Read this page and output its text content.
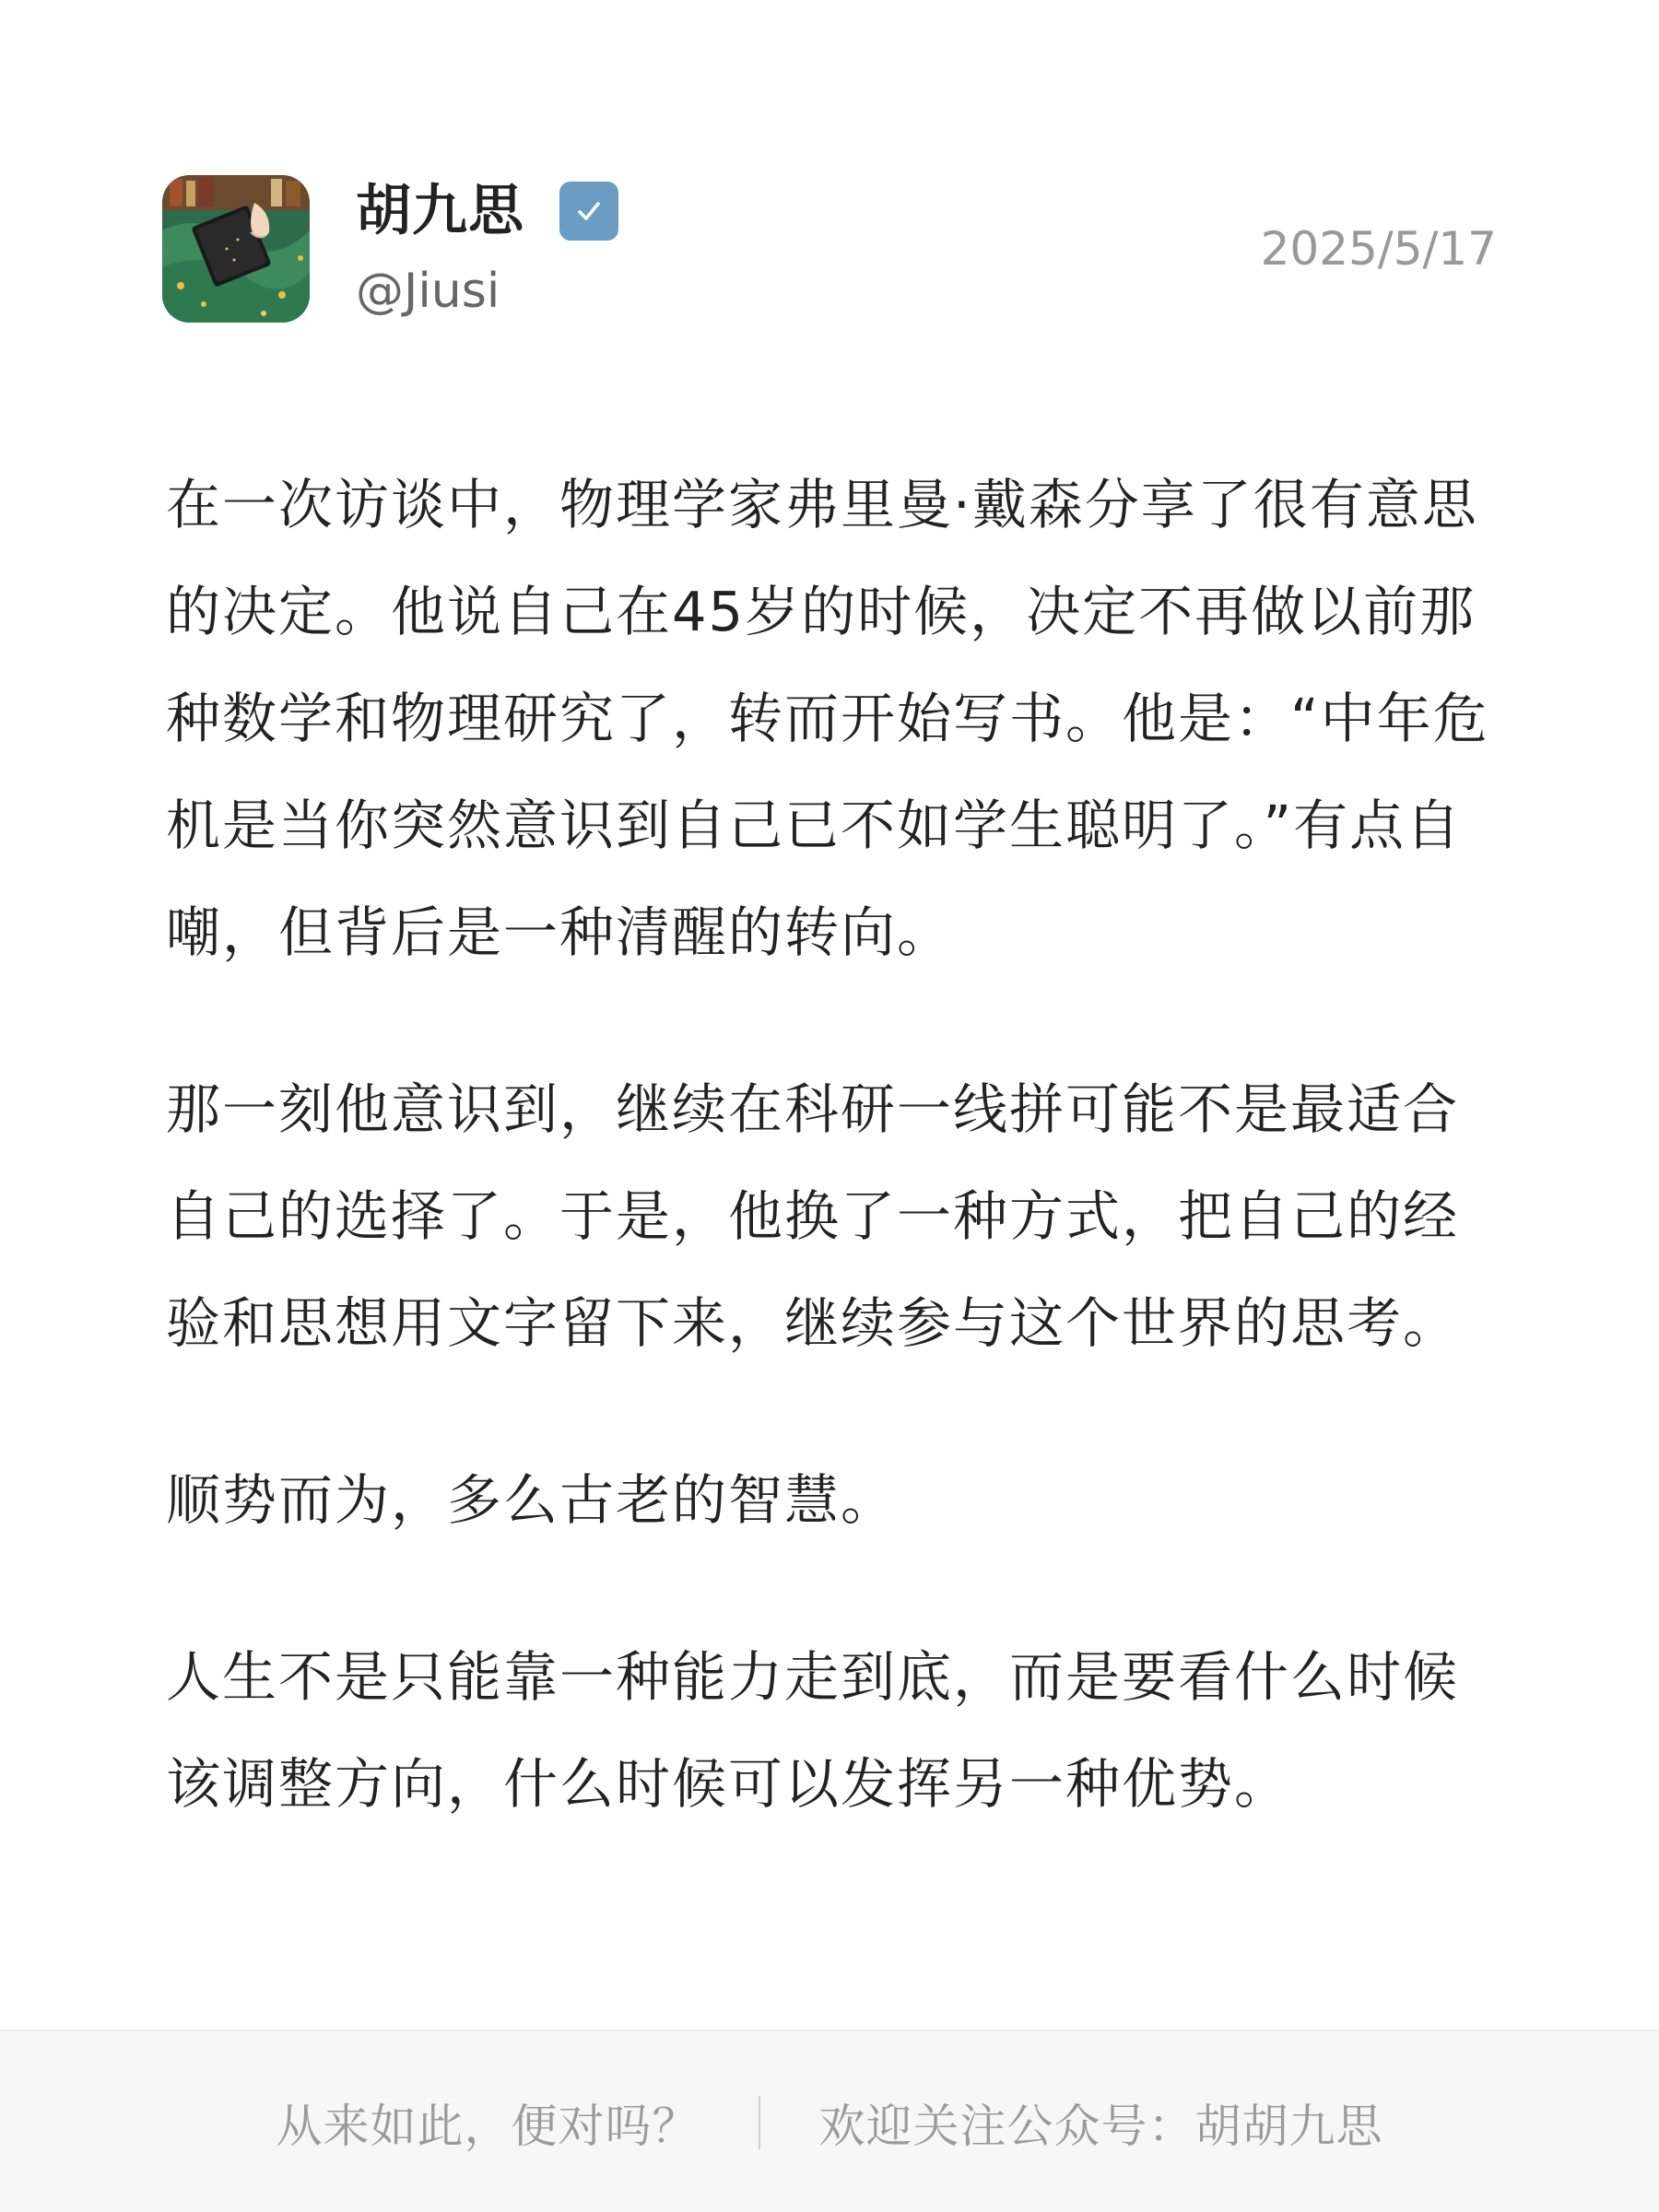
胡九思
@Jiusi
2025/5/17

在一次访谈中，物理学家弗里曼·戴森分享了很有意思的决定。他说自己在45岁的时候，决定不再做以前那种数学和物理研究了，转而开始写书。他是：“中年危机是当你突然意识到自己已不如学生聪明了。”有点自嘲，但背后是一种清醒的转向。

那一刻他意识到，继续在科研一线拼可能不是最适合自己的选择了。于是，他换了一种方式，把自己的经验和思想用文字留下来，继续参与这个世界的思考。

顺势而为，多么古老的智慧。

人生不是只能靠一种能力走到底，而是要看什么时候该调整方向，什么时候可以发挥另一种优势。

从来如此，便对吗？	欢迎关注公众号：胡胡九思
